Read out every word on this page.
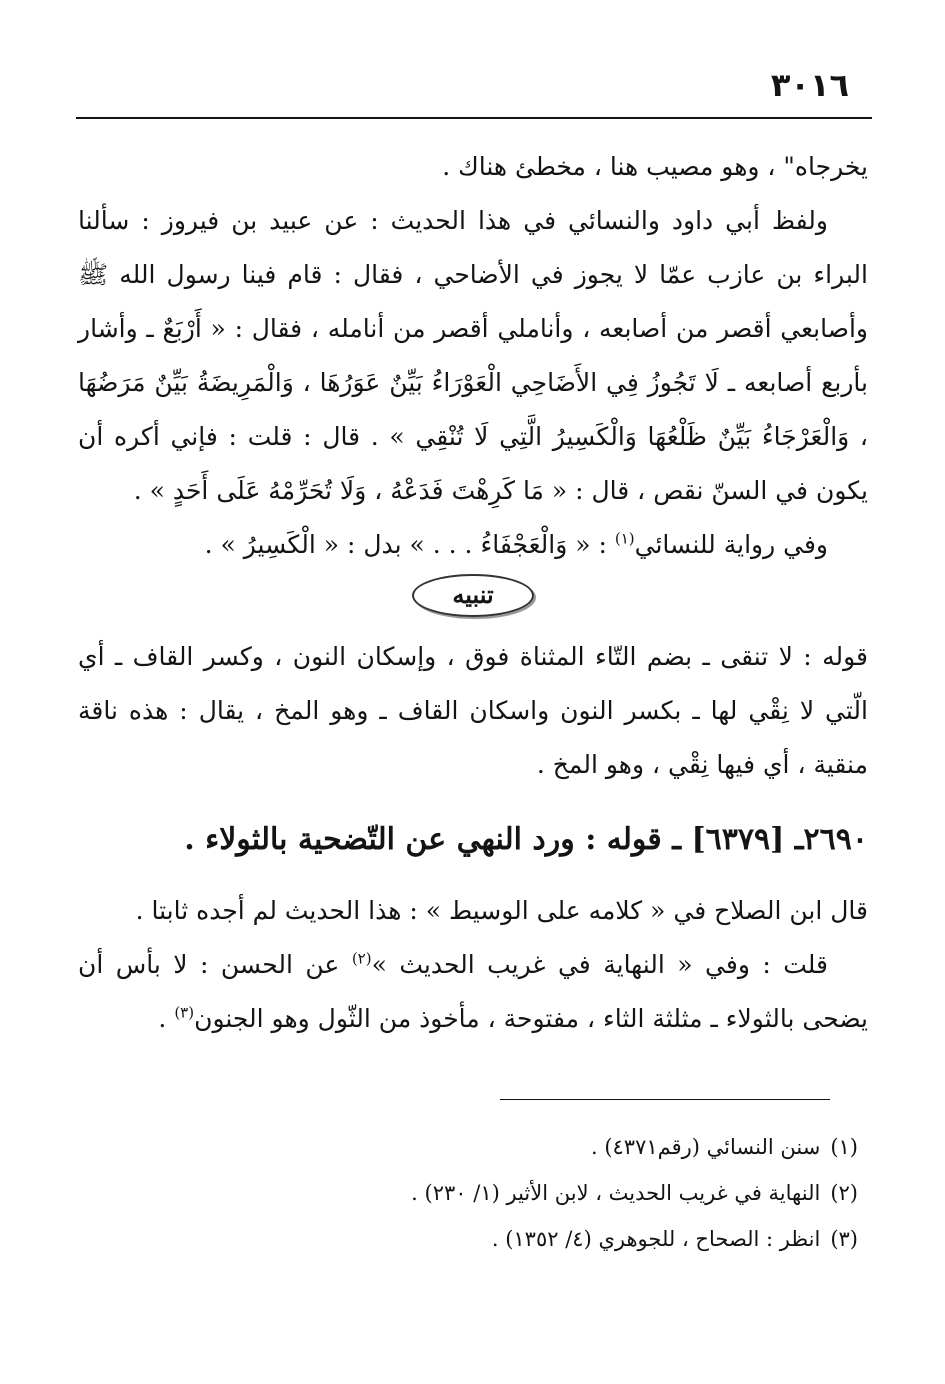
٣٠١٦

يخرجاه" ، وهو مصيب هنا ، مخطئ هناك .

ولفظ أبي داود والنسائي في هذا الحديث : عن عبيد بن فيروز : سألنا البراء بن عازب عمّا لا يجوز في الأضاحي ، فقال : قام فينا رسول الله ﷺ وأصابعي أقصر من أصابعه ، وأناملي أقصر من أنامله ، فقال : « أَرْبَعٌ ـ وأشار بأربع أصابعه ـ لَا تَجُوزُ فِي الأَضَاحِي الْعَوْرَاءُ بَيِّنٌ عَوَرُهَا ، وَالْمَرِيضَةُ بَيِّنٌ مَرَضُهَا ، وَالْعَرْجَاءُ بَيِّنٌ ظَلْعُهَا وَالْكَسِيرُ الَّتِي لَا تُنْقِي » . قال : قلت : فإني أكره أن يكون في السنّ نقص ، قال : « مَا كَرِهْتَ فَدَعْهُ ، وَلَا تُحَرِّمْهُ عَلَى أَحَدٍ » .

وفي رواية للنسائي$^{(١)}$ : « وَالْعَجْفَاءُ . . . » بدل : « الْكَسِيرُ » .

تنبيه

قوله : لا تنقى ـ بضم التّاء المثناة فوق ، وإسكان النون ، وكسر القاف ـ أي الّتي لا نِقْي لها ـ بكسر النون واسكان القاف ـ وهو المخ ، يقال : هذه ناقة منقية ، أي فيها نِقْي ، وهو المخ .

٢٦٩٠ـ [٦٣٧٩] ـ قوله : ورد النهي عن التّضحية بالثولاء .

قال ابن الصلاح في « كلامه على الوسيط » : هذا الحديث لم أجده ثابتا .

قلت : وفي « النهاية في غريب الحديث »$^{(٢)}$ عن الحسن : لا بأس أن يضحى بالثولاء ـ مثلثة الثاء ، مفتوحة ، مأخوذ من الثّول وهو الجنون$^{(٣)}$ .

(١)سنن النسائي (رقم٤٣٧١) .

(٢)النهاية في غريب الحديث ، لابن الأثير (١/ ٢٣٠) .

(٣)انظر : الصحاح ، للجوهري (٤/ ١٣٥٢) .
